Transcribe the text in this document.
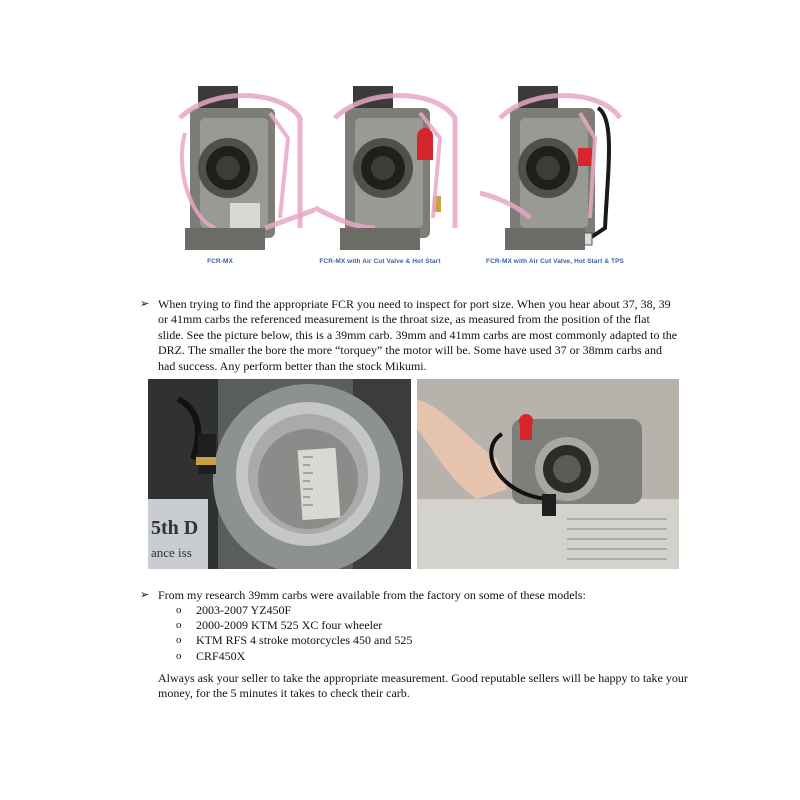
FCR-MX	FCR-MX with Air Cut Valve & Hot Start	FCR-MX with Air Cut Valve, Hot Start & TPS
➢ When trying to find the appropriate FCR you need to inspect for port size. When you hear about 37, 38, 39 or 41mm carbs the referenced measurement is the throat size, as measured from the position of the flat slide. See the picture below, this is a 39mm carb. 39mm and 41mm carbs are most commonly adapted to the DRZ. The smaller the bore the more “torquey” the motor will be. Some have used 37 or 38mm carbs and had success. Any perform better than the stock Mikumi.
5th D
ance iss
➢ From my research 39mm carbs were available from the factory on some of these models:
o 2003-2007 YZ450F
o 2000-2009 KTM 525 XC four wheeler
o KTM RFS 4 stroke motorcycles 450 and 525
o CRF450X
Always ask your seller to take the appropriate measurement. Good reputable sellers will be happy to take your money, for the 5 minutes it takes to check their carb.
